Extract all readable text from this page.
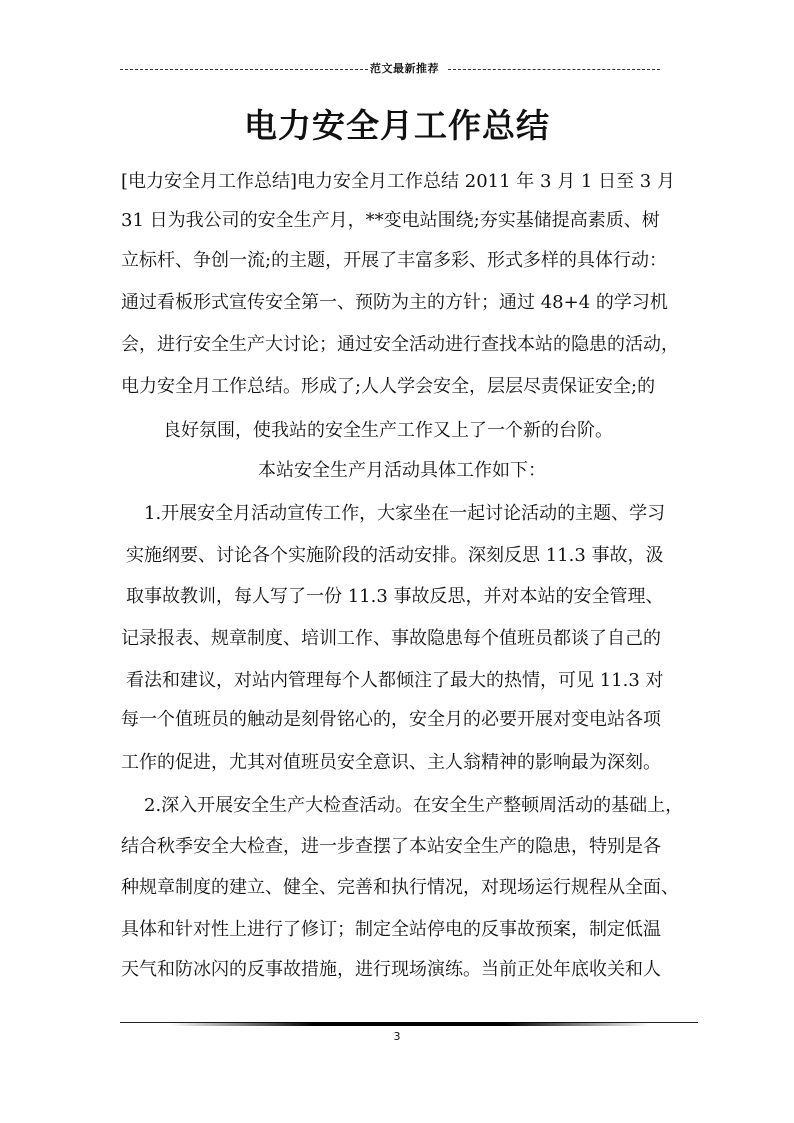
范文最新推荐
电力安全月工作总结
[电力安全月工作总结]电力安全月工作总结 2011 年 3 月 1 日至 3 月
31 日为我公司的安全生产月，**变电站围绕;夯实基储提高素质、树
立标杆、争创一流;的主题，开展了丰富多彩、形式多样的具体行动：
通过看板形式宣传安全第一、预防为主的方针；通过 48+4 的学习机
会，进行安全生产大讨论；通过安全活动进行查找本站的隐患的活动，
电力安全月工作总结。形成了;人人学会安全，层层尽责保证安全;的
良好氛围，使我站的安全生产工作又上了一个新的台阶。
本站安全生产月活动具体工作如下：
1.开展安全月活动宣传工作，大家坐在一起讨论活动的主题、学习
实施纲要、讨论各个实施阶段的活动安排。深刻反思 11.3 事故，汲
取事故教训，每人写了一份 11.3 事故反思，并对本站的安全管理、
记录报表、规章制度、培训工作、事故隐患每个值班员都谈了自己的
看法和建议，对站内管理每个人都倾注了最大的热情，可见 11.3 对
每一个值班员的触动是刻骨铭心的，安全月的必要开展对变电站各项
工作的促进，尤其对值班员安全意识、主人翁精神的影响最为深刻。
2.深入开展安全生产大检查活动。在安全生产整顿周活动的基础上，
结合秋季安全大检查，进一步查摆了本站安全生产的隐患，特别是各
种规章制度的建立、健全、完善和执行情况，对现场运行规程从全面、
具体和针对性上进行了修订；制定全站停电的反事故预案，制定低温
天气和防冰闪的反事故措施，进行现场演练。当前正处年底收关和人
3
